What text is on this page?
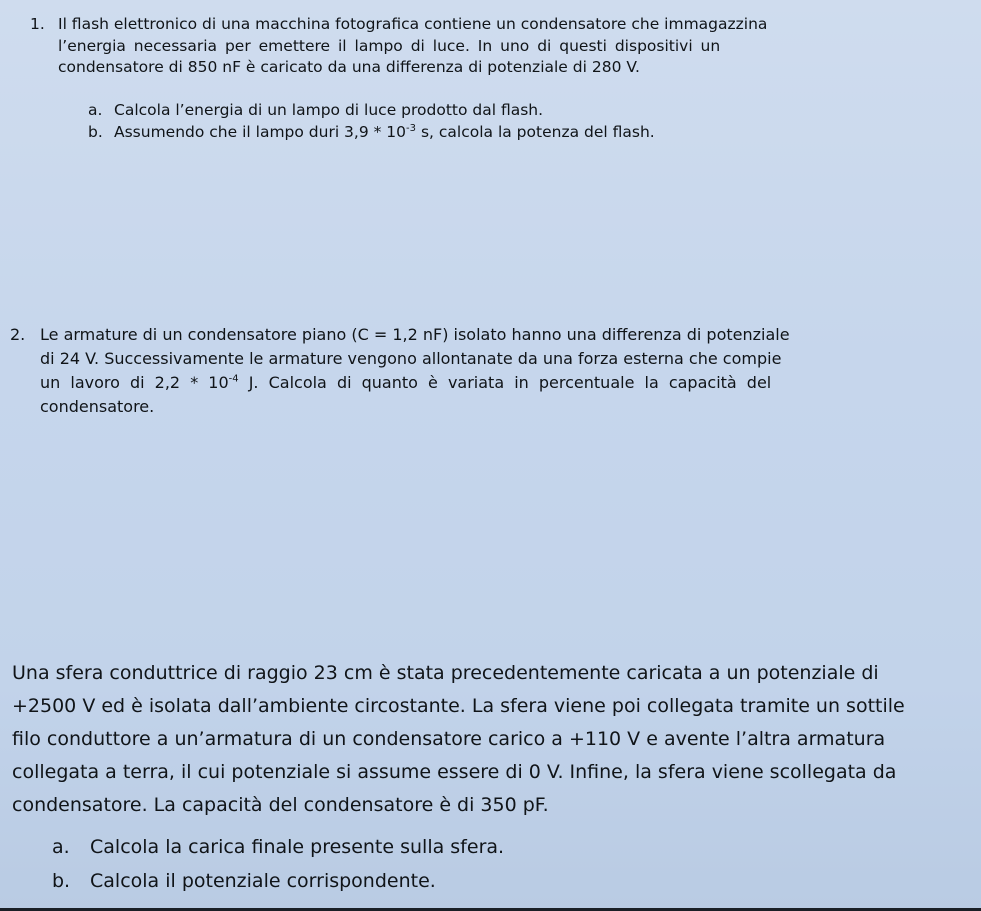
1. Il flash elettronico di una macchina fotografica contiene un condensatore che immagazzina
l’energia necessaria per emettere il lampo di luce. In uno di questi dispositivi un
condensatore di 850 nF è caricato da una differenza di potenziale di 280 V.
a. Calcola l’energia di un lampo di luce prodotto dal flash.
b. Assumendo che il lampo duri $3,9 * 10^{-3}$ s, calcola la potenza del flash.
2. Le armature di un condensatore piano (C = 1,2 nF) isolato hanno una differenza di potenziale
di 24 V. Successivamente le armature vengono allontanate da una forza esterna che compie
un lavoro di $2,2 * 10^{-4}$ J. Calcola di quanto è variata in percentuale la capacità del
condensatore.
Una sfera conduttrice di raggio 23 cm è stata precedentemente caricata a un potenziale di
+2500 V ed è isolata dall’ambiente circostante. La sfera viene poi collegata tramite un sottile
filo conduttore a un’armatura di un condensatore carico a +110 V e avente l’altra armatura
collegata a terra, il cui potenziale si assume essere di 0 V. Infine, la sfera viene scollegata da
condensatore. La capacità del condensatore è di 350 pF.
a. Calcola la carica finale presente sulla sfera.
b. Calcola il potenziale corrispondente.
